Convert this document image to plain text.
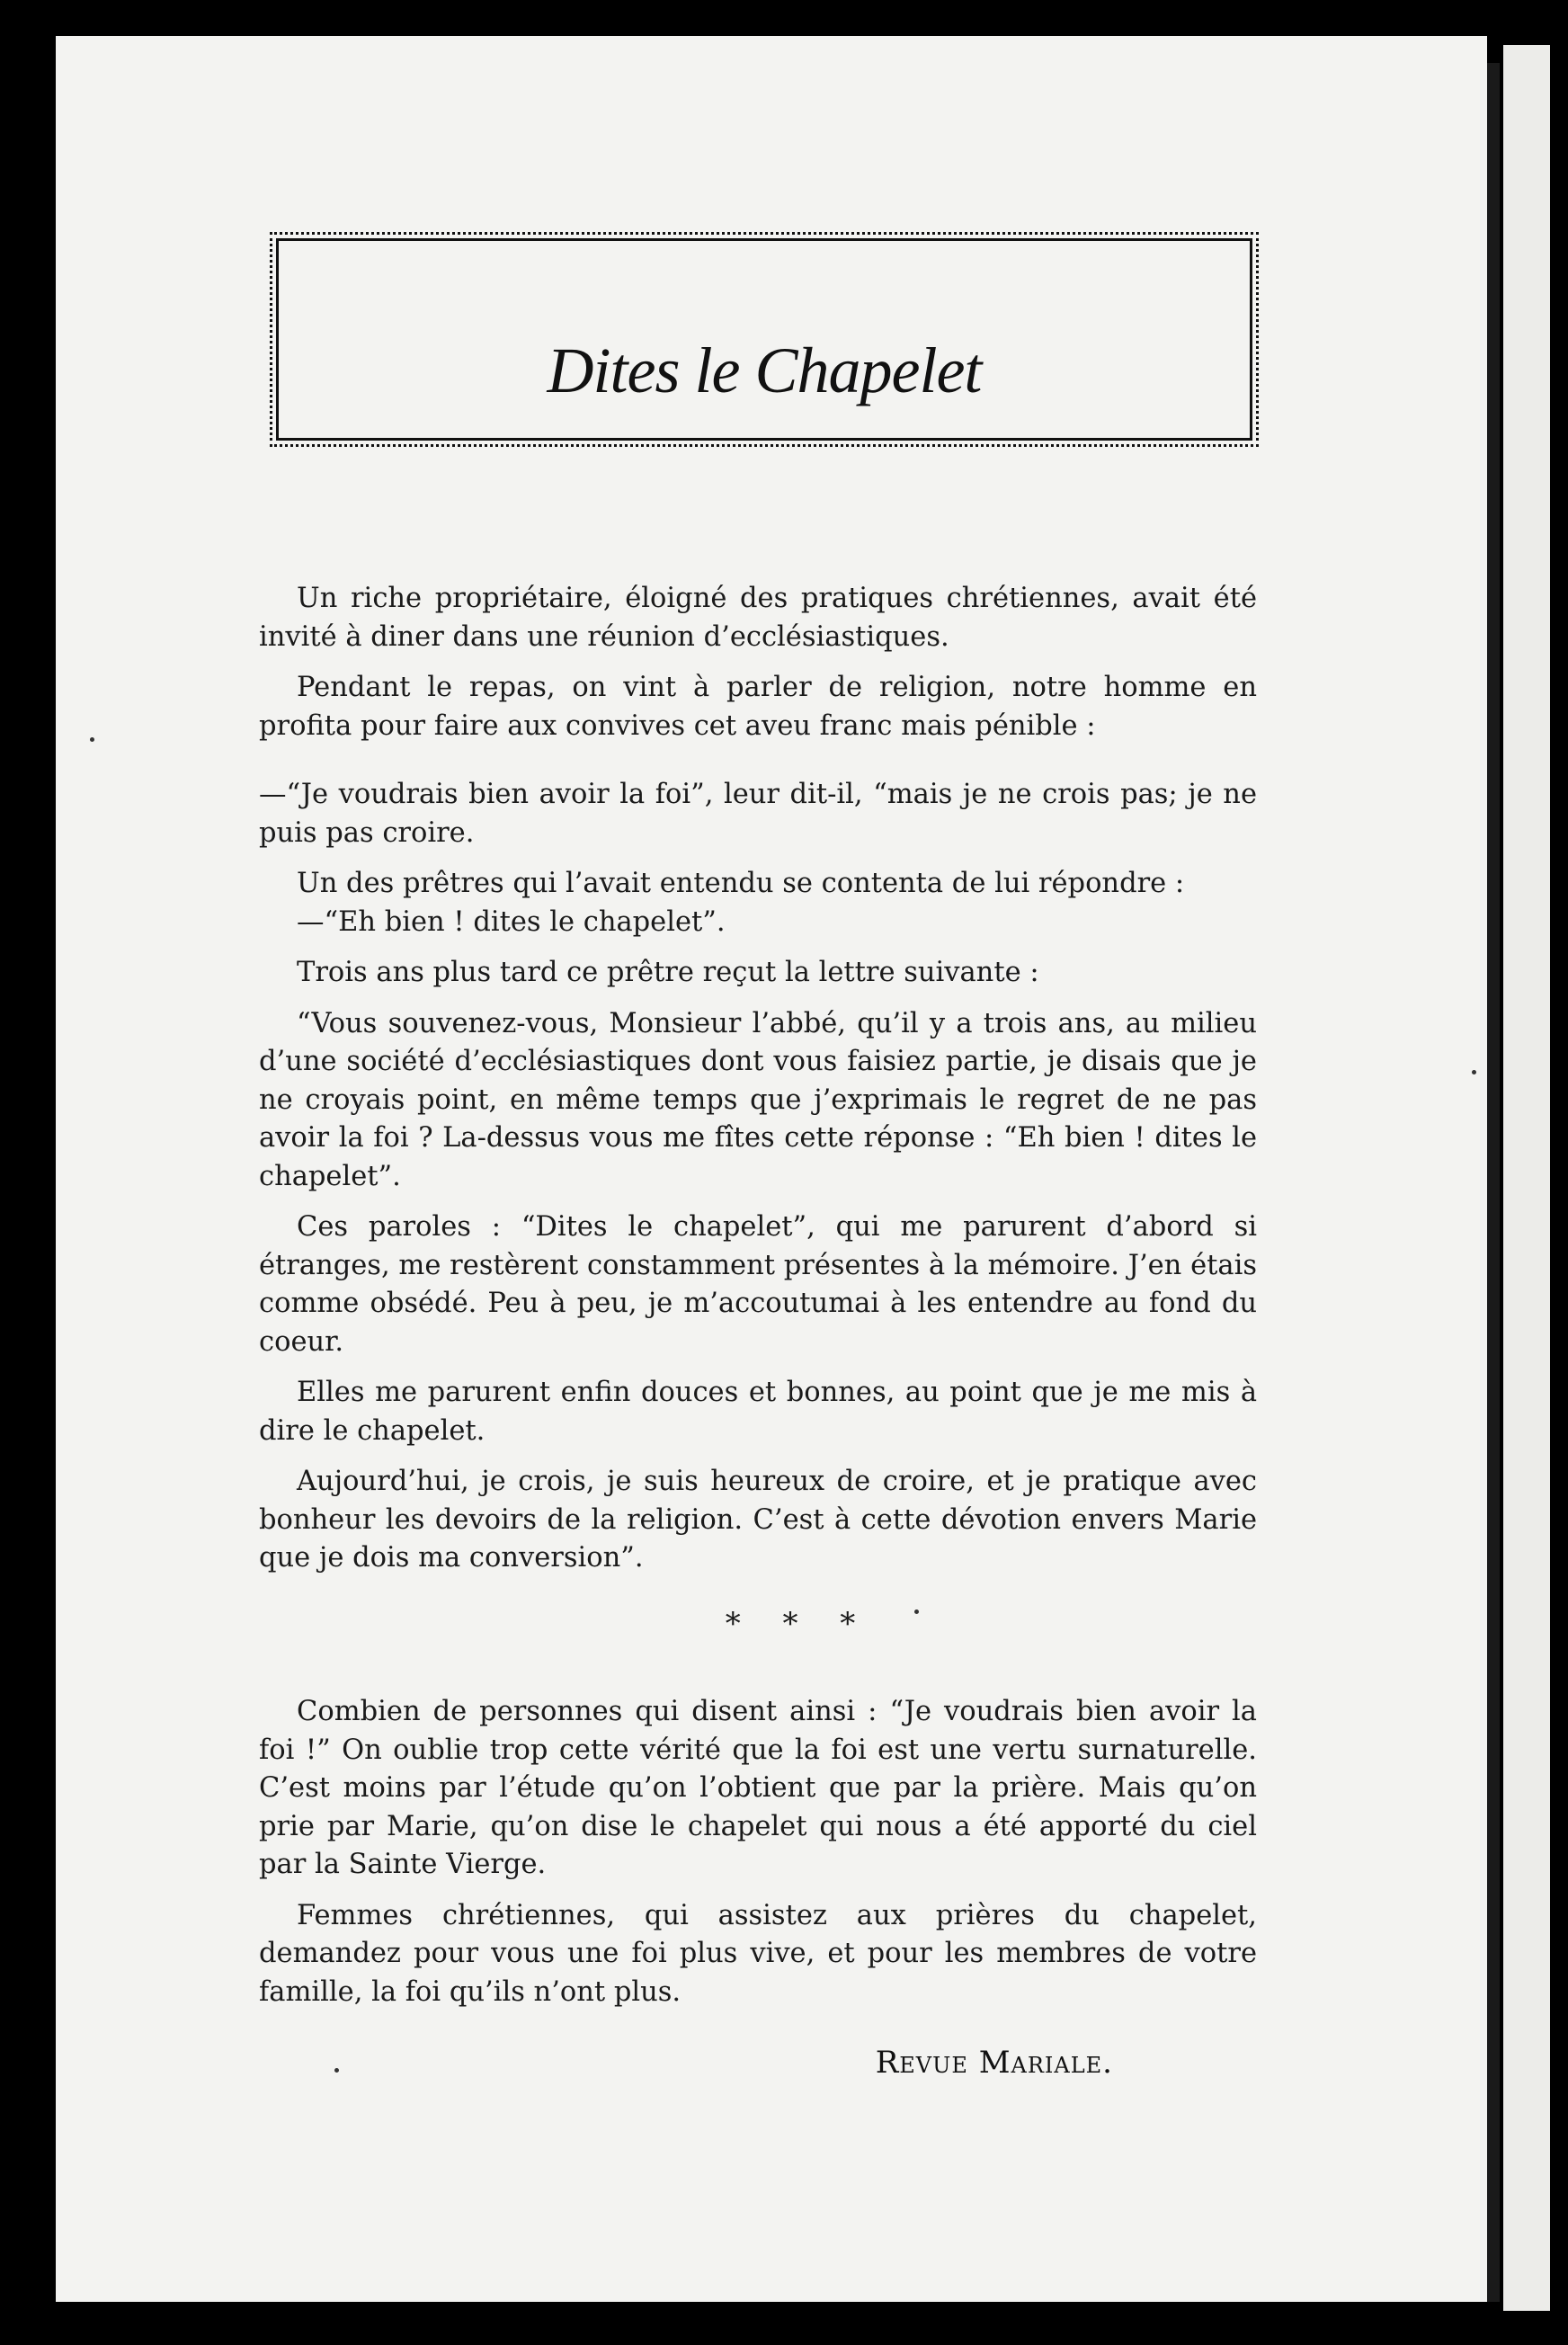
Dites le Chapelet

Un riche propriétaire, éloigné des pratiques chrétiennes, avait été invité à diner dans une réunion d’ecclésiastiques.

Pendant le repas, on vint à parler de religion, notre homme en profita pour faire aux convives cet aveu franc mais pénible :

—“Je voudrais bien avoir la foi”, leur dit-il, “mais je ne crois pas; je ne puis pas croire.

Un des prêtres qui l’avait entendu se contenta de lui répondre :

—“Eh bien ! dites le chapelet”.

Trois ans plus tard ce prêtre reçut la lettre suivante :

“Vous souvenez-vous, Monsieur l’abbé, qu’il y a trois ans, au milieu d’une société d’ecclésiastiques dont vous faisiez partie, je disais que je ne croyais point, en même temps que j’exprimais le regret de ne pas avoir la foi ? La-dessus vous me fîtes cette réponse : “Eh bien ! dites le chapelet”.

Ces paroles : “Dites le chapelet”, qui me parurent d’abord si étranges, me restèrent constamment présentes à la mémoire. J’en étais comme obsédé. Peu à peu, je m’accoutumai à les entendre au fond du coeur.

Elles me parurent enfin douces et bonnes, au point que je me mis à dire le chapelet.

Aujourd’hui, je crois, je suis heureux de croire, et je pratique avec bonheur les devoirs de la religion. C’est à cette dévotion envers Marie que je dois ma conversion”.

* * *

Combien de personnes qui disent ainsi : “Je voudrais bien avoir la foi !” On oublie trop cette vérité que la foi est une vertu surnaturelle. C’est moins par l’étude qu’on l’obtient que par la prière. Mais qu’on prie par Marie, qu’on dise le chapelet qui nous a été apporté du ciel par la Sainte Vierge.

Femmes chrétiennes, qui assistez aux prières du chapelet, demandez pour vous une foi plus vive, et pour les membres de votre famille, la foi qu’ils n’ont plus.

Revue Mariale.
